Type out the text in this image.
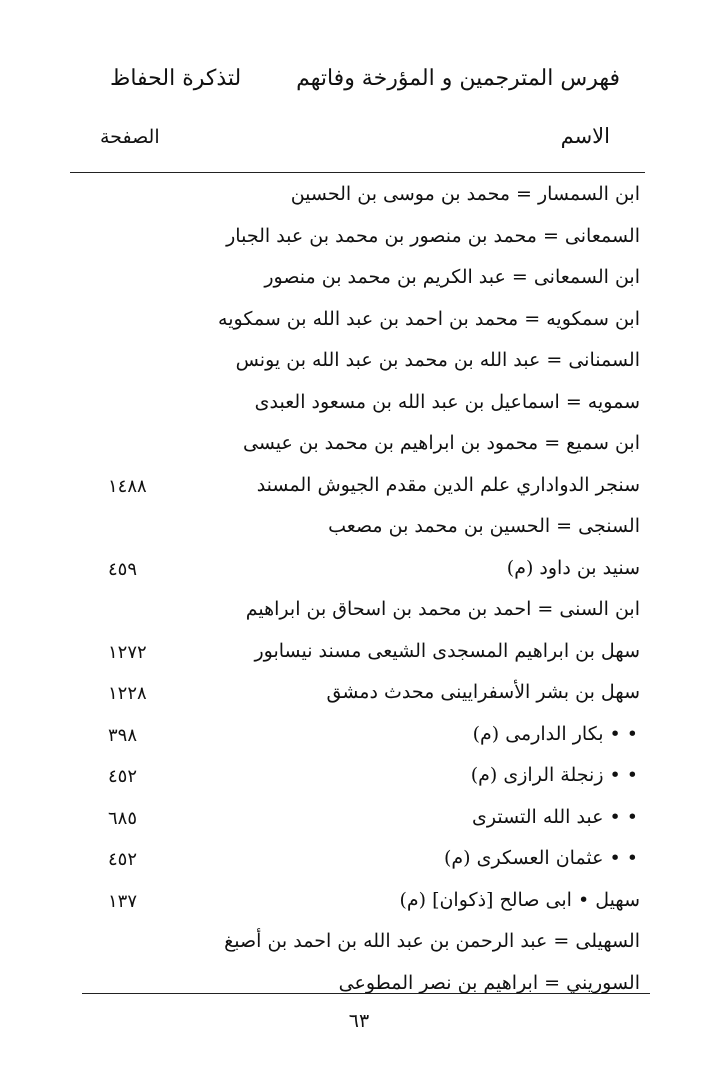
فهرس المترجمين و المؤرخة وفاتهم
لتذكرة الحفاظ
الاسم
الصفحة
ابن السمسار = محمد بن موسى بن الحسين
السمعانى = محمد بن منصور بن محمد بن عبد الجبار
ابن السمعانى = عبد الكريم بن محمد بن منصور
ابن سمكويه = محمد بن احمد بن عبد الله بن سمكويه
السمنانى = عبد الله بن محمد بن عبد الله بن يونس
سمويه = اسماعيل بن عبد الله بن مسعود العبدى
ابن سميع = محمود بن ابراهيم بن محمد بن عيسى
سنجر الدواداري علم الدين مقدم الجيوش المسند
١٤٨٨
السنجى = الحسين بن محمد بن مصعب
سنيد بن داود (م)
٤٥٩
ابن السنى = احمد بن محمد بن اسحاق بن ابراهيم
سهل بن ابراهيم المسجدى الشيعى مسند نيسابور
١٢٧٢
سهل بن بشر الأسفرايينى محدث دمشق
١٢٢٨
• • بكار الدارمى (م)
٣٩٨
• • زنجلة الرازى (م)
٤٥٢
• • عبد الله التسترى
٦٨٥
• • عثمان العسكرى (م)
٤٥٢
سهيل • ابى صالح [ذكوان] (م)
١٣٧
السهيلى = عبد الرحمن بن عبد الله بن احمد بن أصبغ
السوريني = ابراهيم بن نصر المطوعى
٦٣
